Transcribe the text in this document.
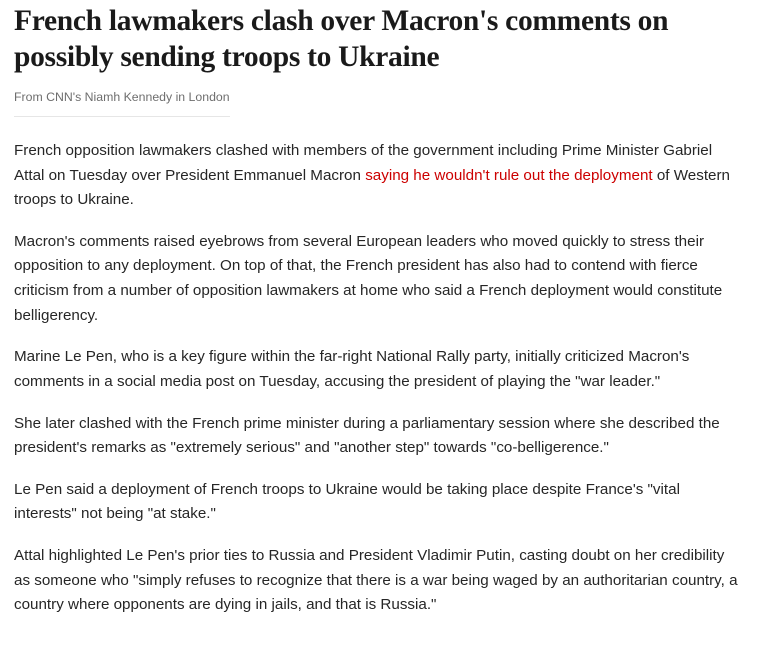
French lawmakers clash over Macron's comments on possibly sending troops to Ukraine
From CNN's Niamh Kennedy in London

French opposition lawmakers clashed with members of the government including Prime Minister Gabriel Attal on Tuesday over President Emmanuel Macron saying he wouldn't rule out the deployment of Western troops to Ukraine.

Macron's comments raised eyebrows from several European leaders who moved quickly to stress their opposition to any deployment. On top of that, the French president has also had to contend with fierce criticism from a number of opposition lawmakers at home who said a French deployment would constitute belligerency.

Marine Le Pen, who is a key figure within the far-right National Rally party, initially criticized Macron's comments in a social media post on Tuesday, accusing the president of playing the "war leader."

She later clashed with the French prime minister during a parliamentary session where she described the president's remarks as "extremely serious" and "another step" towards "co-belligerence."

Le Pen said a deployment of French troops to Ukraine would be taking place despite France's "vital interests" not being "at stake."

Attal highlighted Le Pen's prior ties to Russia and President Vladimir Putin, casting doubt on her credibility as someone who "simply refuses to recognize that there is a war being waged by an authoritarian country, a country where opponents are dying in jails, and that is Russia."
